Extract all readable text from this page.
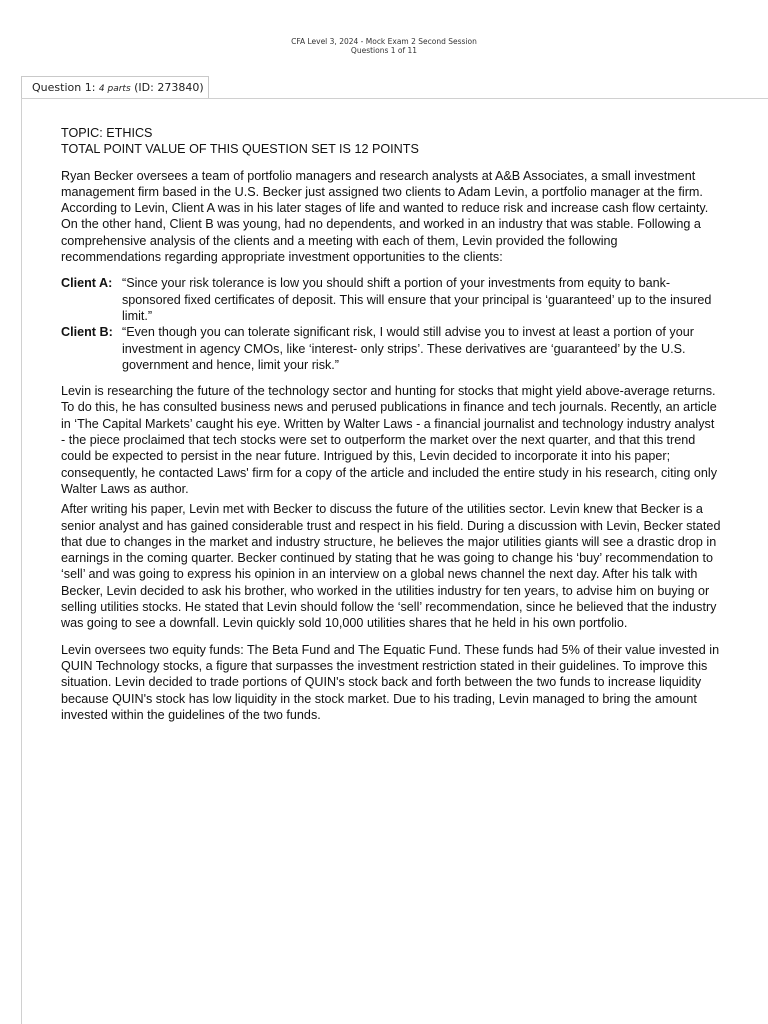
CFA Level 3, 2024 - Mock Exam 2 Second Session
Questions 1 of 11
Question 1: 4 parts (ID: 273840)
TOPIC: ETHICS
TOTAL POINT VALUE OF THIS QUESTION SET IS 12 POINTS

Ryan Becker oversees a team of portfolio managers and research analysts at A&B Associates, a small investment management firm based in the U.S. Becker just assigned two clients to Adam Levin, a portfolio manager at the firm. According to Levin, Client A was in his later stages of life and wanted to reduce risk and increase cash flow certainty. On the other hand, Client B was young, had no dependents, and worked in an industry that was stable. Following a comprehensive analysis of the clients and a meeting with each of them, Levin provided the following recommendations regarding appropriate investment opportunities to the clients:

Client A: “Since your risk tolerance is low you should shift a portion of your investments from equity to bank-sponsored fixed certificates of deposit. This will ensure that your principal is ‘guaranteed’ up to the insured limit.”
Client B: “Even though you can tolerate significant risk, I would still advise you to invest at least a portion of your investment in agency CMOs, like ‘interest- only strips’. These derivatives are ‘guaranteed’ by the U.S. government and hence, limit your risk.”

Levin is researching the future of the technology sector and hunting for stocks that might yield above-average returns. To do this, he has consulted business news and perused publications in finance and tech journals. Recently, an article in ‘The Capital Markets’ caught his eye. Written by Walter Laws - a financial journalist and technology industry analyst - the piece proclaimed that tech stocks were set to outperform the market over the next quarter, and that this trend could be expected to persist in the near future. Intrigued by this, Levin decided to incorporate it into his paper; consequently, he contacted Laws' firm for a copy of the article and included the entire study in his research, citing only Walter Laws as author.

After writing his paper, Levin met with Becker to discuss the future of the utilities sector. Levin knew that Becker is a senior analyst and has gained considerable trust and respect in his field. During a discussion with Levin, Becker stated that due to changes in the market and industry structure, he believes the major utilities giants will see a drastic drop in earnings in the coming quarter. Becker continued by stating that he was going to change his ‘buy’ recommendation to ‘sell’ and was going to express his opinion in an interview on a global news channel the next day. After his talk with Becker, Levin decided to ask his brother, who worked in the utilities industry for ten years, to advise him on buying or selling utilities stocks. He stated that Levin should follow the ‘sell’ recommendation, since he believed that the industry was going to see a downfall. Levin quickly sold 10,000 utilities shares that he held in his own portfolio.

Levin oversees two equity funds: The Beta Fund and The Equatic Fund. These funds had 5% of their value invested in QUIN Technology stocks, a figure that surpasses the investment restriction stated in their guidelines. To improve this situation. Levin decided to trade portions of QUIN's stock back and forth between the two funds to increase liquidity because QUIN's stock has low liquidity in the stock market. Due to his trading, Levin managed to bring the amount invested within the guidelines of the two funds.
